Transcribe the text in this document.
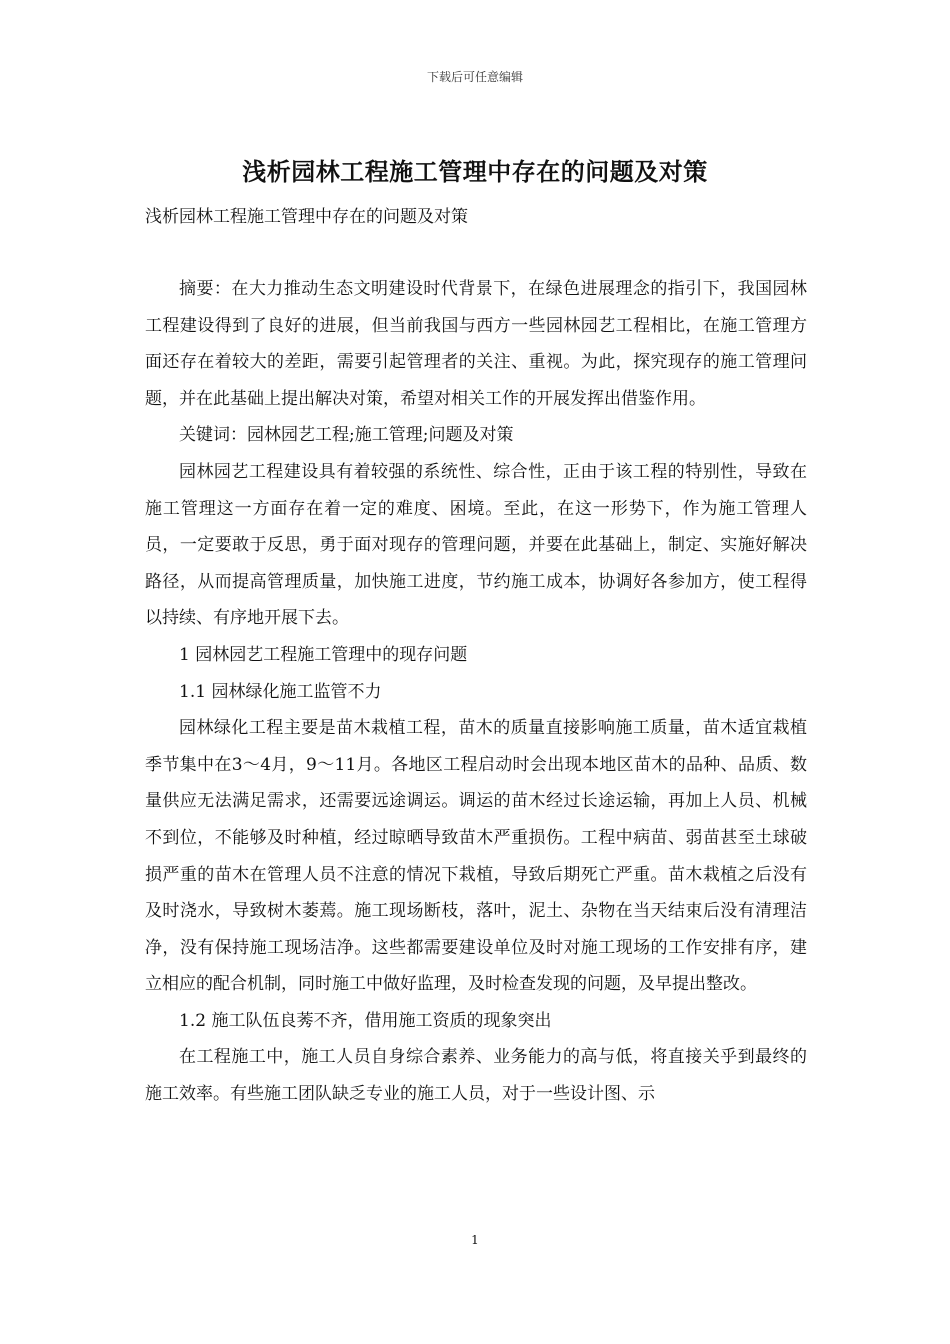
下载后可任意编辑
浅析园林工程施工管理中存在的问题及对策
浅析园林工程施工管理中存在的问题及对策

摘要：在大力推动生态文明建设时代背景下，在绿色进展理念的指引下，我国园林工程建设得到了良好的进展，但当前我国与西方一些园林园艺工程相比，在施工管理方面还存在着较大的差距，需要引起管理者的关注、重视。为此，探究现存的施工管理问题，并在此基础上提出解决对策，希望对相关工作的开展发挥出借鉴作用。

关键词：园林园艺工程;施工管理;问题及对策

园林园艺工程建设具有着较强的系统性、综合性，正由于该工程的特别性，导致在施工管理这一方面存在着一定的难度、困境。至此，在这一形势下，作为施工管理人员，一定要敢于反思，勇于面对现存的管理问题，并要在此基础上，制定、实施好解决路径，从而提高管理质量，加快施工进度，节约施工成本，协调好各参加方，使工程得以持续、有序地开展下去。

1 园林园艺工程施工管理中的现存问题

1.1 园林绿化施工监管不力

园林绿化工程主要是苗木栽植工程，苗木的质量直接影响施工质量，苗木适宜栽植季节集中在3～4月，9～11月。各地区工程启动时会出现本地区苗木的品种、品质、数量供应无法满足需求，还需要远途调运。调运的苗木经过长途运输，再加上人员、机械不到位，不能够及时种植，经过晾晒导致苗木严重损伤。工程中病苗、弱苗甚至土球破损严重的苗木在管理人员不注意的情况下栽植，导致后期死亡严重。苗木栽植之后没有及时浇水，导致树木萎蔫。施工现场断枝，落叶，泥土、杂物在当天结束后没有清理洁净，没有保持施工现场洁净。这些都需要建设单位及时对施工现场的工作安排有序，建立相应的配合机制，同时施工中做好监理，及时检查发现的问题，及早提出整改。

1.2 施工队伍良莠不齐，借用施工资质的现象突出

在工程施工中，施工人员自身综合素养、业务能力的高与低，将直接关乎到最终的施工效率。有些施工团队缺乏专业的施工人员，对于一些设计图、示

1
